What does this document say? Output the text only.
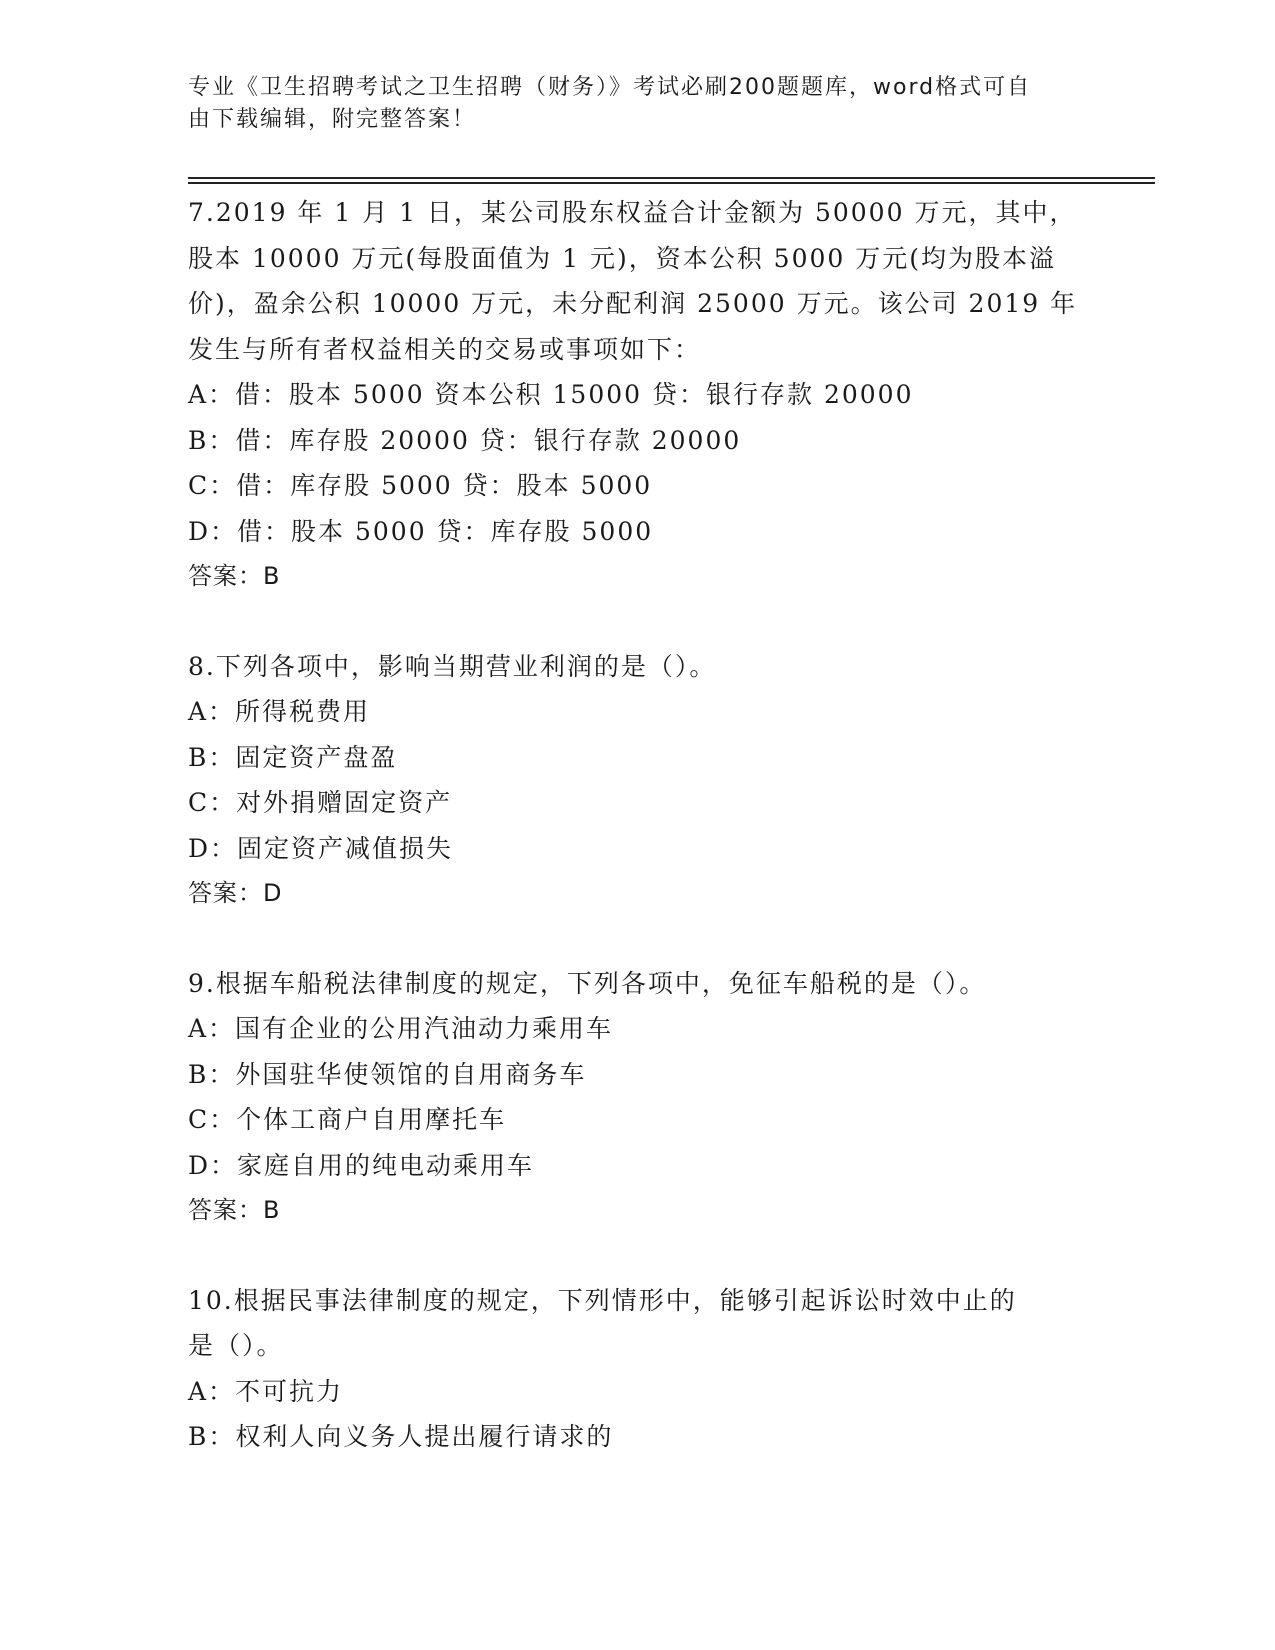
专业《卫生招聘考试之卫生招聘（财务）》考试必刷200题题库，word格式可自
由下载编辑，附完整答案！
7.2019 年 1 月 1 日，某公司股东权益合计金额为 50000 万元，其中，
股本 10000 万元(每股面值为 1 元)，资本公积 5000 万元(均为股本溢
价)，盈余公积 10000 万元，未分配利润 25000 万元。该公司 2019 年
发生与所有者权益相关的交易或事项如下：
A：借：股本 5000 资本公积 15000 贷：银行存款 20000
B：借：库存股 20000 贷：银行存款 20000
C：借：库存股 5000 贷：股本 5000
D：借：股本 5000 贷：库存股 5000
答案：B
8.下列各项中，影响当期营业利润的是（）。
A：所得税费用
B：固定资产盘盈
C：对外捐赠固定资产
D：固定资产减值损失
答案：D
9.根据车船税法律制度的规定，下列各项中，免征车船税的是（）。
A：国有企业的公用汽油动力乘用车
B：外国驻华使领馆的自用商务车
C：个体工商户自用摩托车
D：家庭自用的纯电动乘用车
答案：B
10.根据民事法律制度的规定，下列情形中，能够引起诉讼时效中止的
是（）。
A：不可抗力
B：权利人向义务人提出履行请求的
